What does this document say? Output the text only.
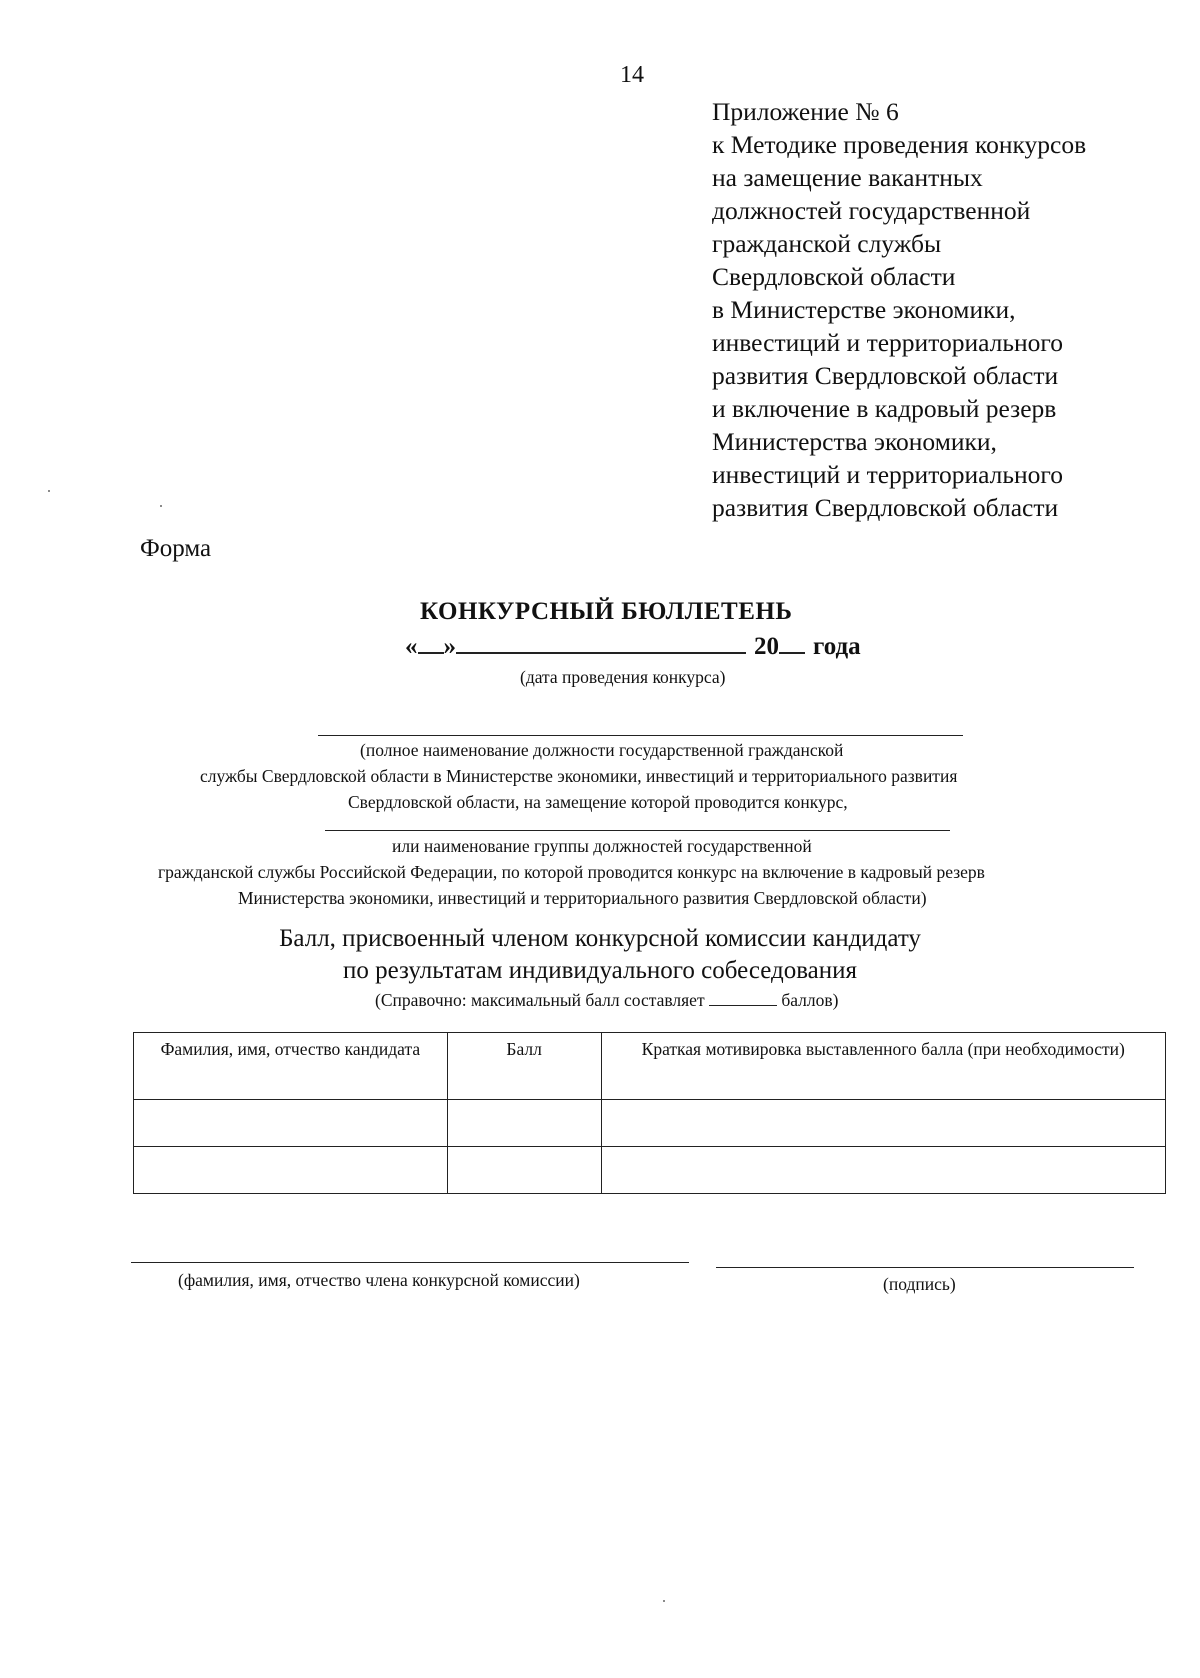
14
Приложение № 6
к Методике проведения конкурсов
на замещение вакантных
должностей государственной
гражданской службы
Свердловской области
в Министерстве экономики,
инвестиций и территориального
развития Свердловской области
и включение в кадровый резерв
Министерства экономики,
инвестиций и территориального
развития Свердловской области
Форма
КОНКУРСНЫЙ БЮЛЛЕТЕНЬ
« »	20 года
(дата проведения конкурса)
(полное наименование должности государственной гражданской
службы Свердловской области в Министерстве экономики, инвестиций и территориального развития
Свердловской области, на замещение которой проводится конкурс,
или наименование группы должностей государственной
гражданской службы Российской Федерации, по которой проводится конкурс на включение в кадровый резерв
Министерства экономики, инвестиций и территориального развития Свердловской области)
Балл, присвоенный членом конкурсной комиссии кандидату
по результатам индивидуального собеседования
(Справочно: максимальный балл составляет	баллов)
Фамилия, имя, отчество кандидата	Балл	Краткая мотивировка выставленного балла (при необходимости)

(фамилия, имя, отчество члена конкурсной комиссии)	(подпись)
